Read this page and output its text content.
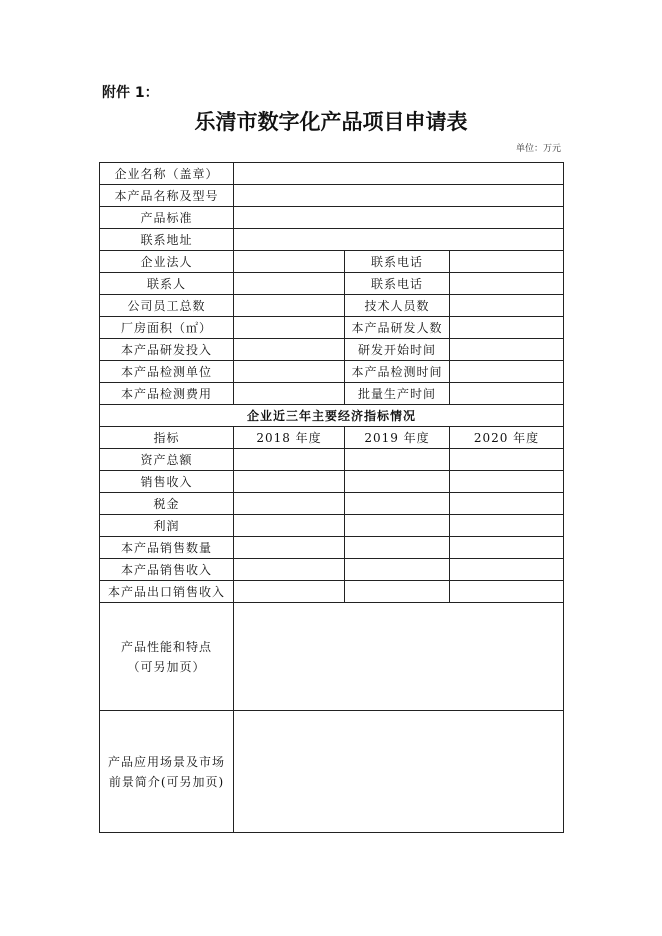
附件 1：
乐清市数字化产品项目申请表
单位：万元
企业名称（盖章）			
本产品名称及型号			
产品标准			
联系地址			
企业法人		联系电话	
联系人		联系电话	
公司员工总数		技术人员数	
厂房面积（㎡）		本产品研发人数	
本产品研发投入		研发开始时间	
本产品检测单位		本产品检测时间	
本产品检测费用		批量生产时间	
企业近三年主要经济指标情况			
指标	2018 年度	2019 年度	2020 年度
资产总额			
销售收入			
税金			
利润			
本产品销售数量			
本产品销售收入			
本产品出口销售收入			

产品性能和特点
（可另加页）			

产品应用场景及市场
前景简介(可另加页)			
